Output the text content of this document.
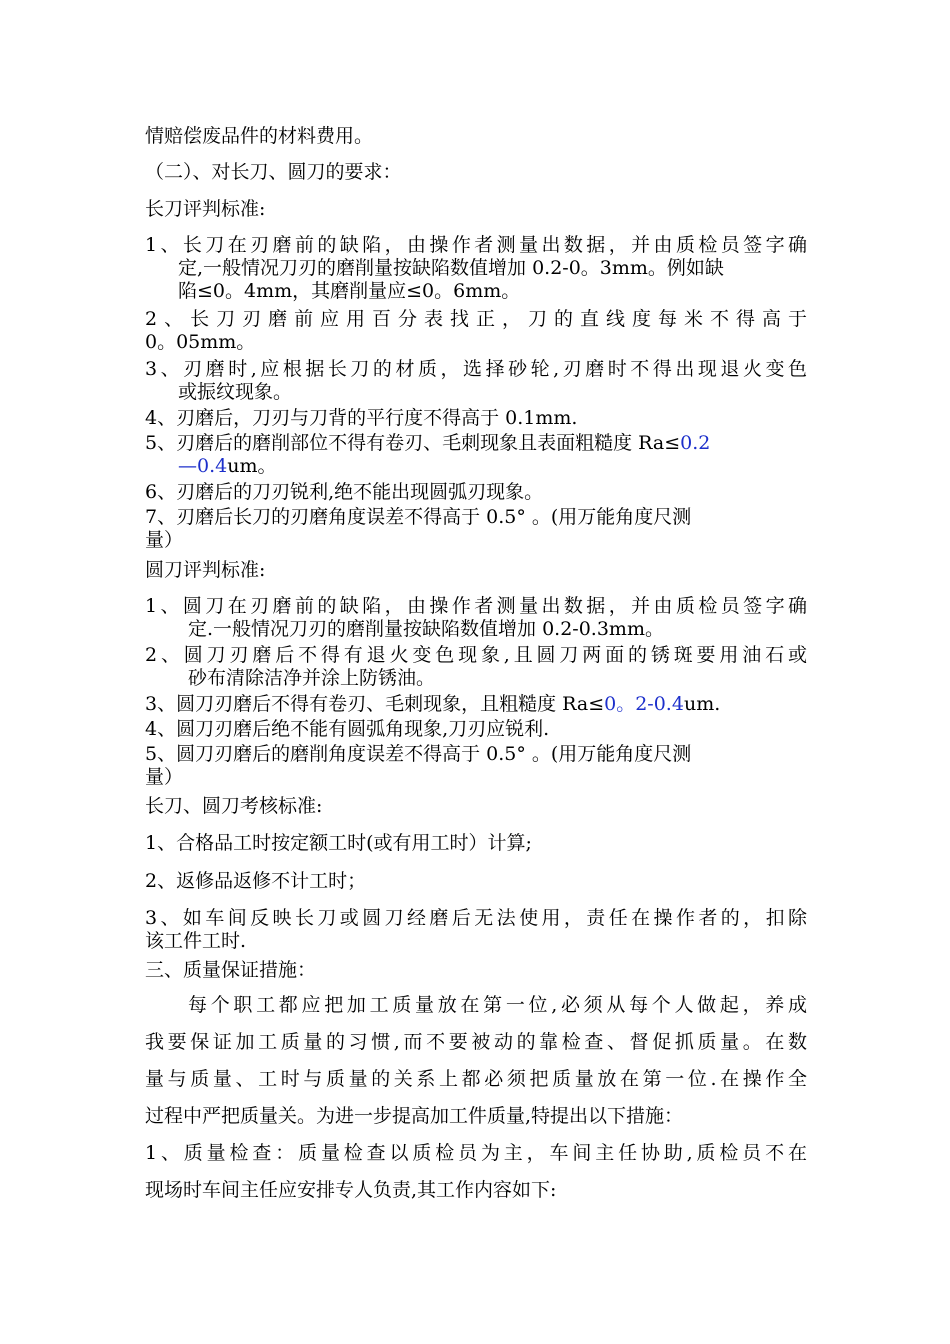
情赔偿废品件的材料费用。

（二）、对长刀、圆刀的要求：

长刀评判标准:

1、长刀在刃磨前的缺陷，由操作者测量出数据，并由质检员签字确
定,一般情况刀刃的磨削量按缺陷数值增加 0.2-0。3mm。例如缺
陷≤0。4mm，其磨削量应≤0。6mm。
2、长刀刃磨前应用百分表找正，刀的直线度每米不得高于
0。05mm。
3、刃磨时,应根据长刀的材质，选择砂轮,刃磨时不得出现退火变色
或振纹现象。
4、刃磨后，刀刃与刀背的平行度不得高于 0.1mm.
5、刃磨后的磨削部位不得有卷刃、毛刺现象且表面粗糙度 Ra≤0.2
—0.4um。
6、刃磨后的刀刃锐利,绝不能出现圆弧刃现象。
7、刃磨后长刀的刃磨角度误差不得高于 0.5° 。(用万能角度尺测
量）

圆刀评判标准:

1、圆刀在刃磨前的缺陷，由操作者测量出数据，并由质检员签字确
定.一般情况刀刃的磨削量按缺陷数值增加 0.2-0.3mm。
2、圆刀刃磨后不得有退火变色现象,且圆刀两面的锈斑要用油石或
砂布清除洁净并涂上防锈油。
3、圆刀刃磨后不得有卷刃、毛刺现象，且粗糙度 Ra≤0。2-0.4um.
4、圆刀刃磨后绝不能有圆弧角现象,刀刃应锐利.
5、圆刀刃磨后的磨削角度误差不得高于 0.5° 。(用万能角度尺测
量）

长刀、圆刀考核标准:

1、合格品工时按定额工时(或有用工时）计算;

2、返修品返修不计工时；

3、如车间反映长刀或圆刀经磨后无法使用，责任在操作者的，扣除
该工件工时.

三、质量保证措施：

每个职工都应把加工质量放在第一位,必须从每个人做起，养成

我要保证加工质量的习惯,而不要被动的靠检查、督促抓质量。在数

量与质量、工时与质量的关系上都必须把质量放在第一位.在操作全

过程中严把质量关。为进一步提高加工件质量,特提出以下措施：

1、质量检查：质量检查以质检员为主，车间主任协助,质检员不在

现场时车间主任应安排专人负责,其工作内容如下:
